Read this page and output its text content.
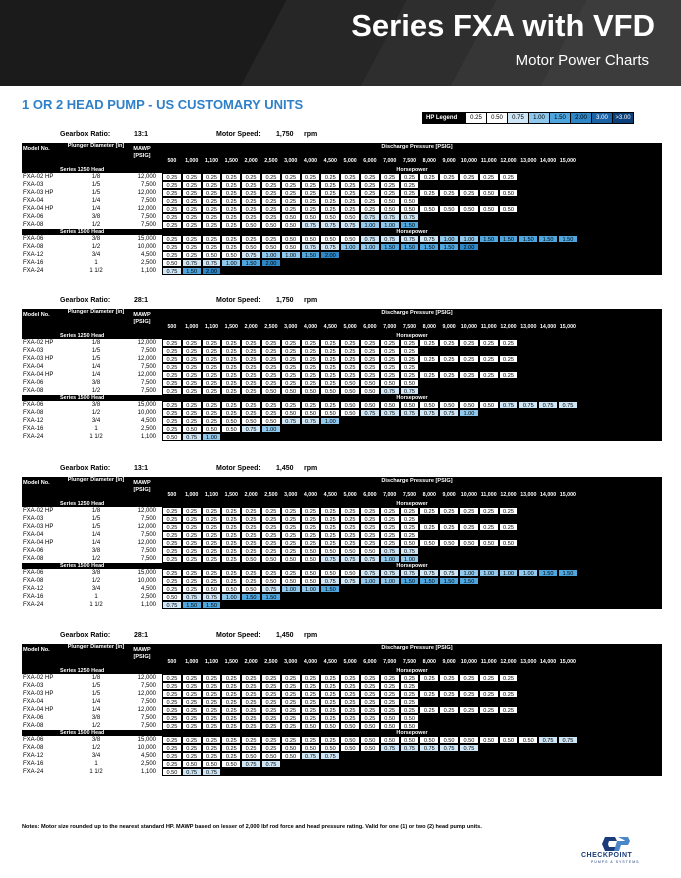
Series FXA with VFD
Motor Power Charts
1 OR 2 HEAD PUMP - US CUSTOMARY UNITS
HP Legend	0.25	0.50	0.75	1.00	1.50	2.00	3.00	>3.00
Gearbox Ratio:	13:1	Motor Speed: 1,750 rpm
Model No.	Plunger Diameter [in]	MAWP [PSIG]
Discharge Pressure [PSIG]
500	1,000	1,100	1,500	2,000	2,500	3,000	4,000	4,500	5,000	6,000	7,000	7,500	8,000	9,000 10,000 11,000 12,000 13,000 14,000 15,000
Series 1250 Head	Horsepower
FXA-02 HP	1/8	12,000	0.25	0.25	0.25	0.25	0.25	0.25	0.25	0.25	0.25	0.25	0.25	0.25	0.25	0.25	0.25	0.25	0.25	0.25
FXA-03	1/5	7,500	0.25	0.25	0.25	0.25	0.25	0.25	0.25	0.25	0.25	0.25	0.25	0.25	0.25
FXA-03 HP	1/5	12,000	0.25	0.25	0.25	0.25	0.25	0.25	0.25	0.25	0.25	0.25	0.25	0.25	0.25	0.25	0.25	0.25	0.50	0.50
FXA-04	1/4	7,500	0.25	0.25	0.25	0.25	0.25	0.25	0.25	0.25	0.25	0.25	0.25	0.50	0.50
FXA-04 HP	1/4	12,000	0.25	0.25	0.25	0.25	0.25	0.25	0.25	0.25	0.25	0.25	0.25	0.50	0.50	0.50	0.50	0.50	0.50	0.50
FXA-06	3/8	7,500	0.25	0.25	0.25	0.25	0.25	0.25	0.50	0.50	0.50	0.50	0.75	0.75	0.75
FXA-08	1/2	7,500	0.25	0.25	0.25	0.25	0.50	0.50	0.50	0.75	0.75	0.75	1.00	1.00	1.50
Series 1500 Head	Horsepower
FXA-06	3/8	15,000	0.25	0.25	0.25	0.25	0.25	0.25	0.50	0.50	0.50	0.50	0.75	0.75	0.75	0.75	1.00	1.00	1.50	1.50	1.50	1.50	1.50
FXA-08	1/2	10,000	0.25	0.25	0.25	0.25	0.50	0.50	0.50	0.75	0.75	1.00	1.00	1.50	1.50	1.50	1.50	2.00
FXA-12	3/4	4,500	0.25	0.25	0.50	0.50	0.75	1.00	1.00	1.50	2.00
FXA-16	1	2,500	0.50	0.75	0.75	1.00	1.50	2.00
FXA-24	1 1/2	1,100	0.75	1.50	2.00
Gearbox Ratio:	28:1	Motor Speed: 1,750 rpm
Model No.	Plunger Diameter [in]	MAWP [PSIG]
Discharge Pressure [PSIG]
500	1,000	1,100	1,500	2,000	2,500	3,000	4,000	4,500	5,000	6,000	7,000	7,500	8,000	9,000 10,000 11,000 12,000 13,000 14,000 15,000
Series 1250 Head	Horsepower
FXA-02 HP	1/8	12,000	0.25	0.25	0.25	0.25	0.25	0.25	0.25	0.25	0.25	0.25	0.25	0.25	0.25	0.25	0.25	0.25	0.25	0.25
FXA-03	1/5	7,500	0.25	0.25	0.25	0.25	0.25	0.25	0.25	0.25	0.25	0.25	0.25	0.25	0.25
FXA-03 HP	1/5	12,000	0.25	0.25	0.25	0.25	0.25	0.25	0.25	0.25	0.25	0.25	0.25	0.25	0.25	0.25	0.25	0.25	0.25	0.25
FXA-04	1/4	7,500	0.25	0.25	0.25	0.25	0.25	0.25	0.25	0.25	0.25	0.25	0.25	0.25	0.25
FXA-04 HP	1/4	12,000	0.25	0.25	0.25	0.25	0.25	0.25	0.25	0.25	0.25	0.25	0.25	0.25	0.25	0.25	0.25	0.25	0.25	0.25
FXA-06	3/8	7,500	0.25	0.25	0.25	0.25	0.25	0.25	0.25	0.25	0.25	0.50	0.50	0.50	0.50
FXA-08	1/2	7,500	0.25	0.25	0.25	0.25	0.25	0.50	0.50	0.50	0.50	0.50	0.50	0.75	0.75
Series 1500 Head	Horsepower
FXA-06	3/8	15,000	0.25	0.25	0.25	0.25	0.25	0.25	0.25	0.25	0.25	0.50	0.50	0.50	0.50	0.50	0.50	0.50	0.50	0.75	0.75	0.75	0.75
FXA-08	1/2	10,000	0.25	0.25	0.25	0.25	0.25	0.25	0.50	0.50	0.50	0.50	0.75	0.75	0.75	0.75	0.75	1.00
FXA-12	3/4	4,500	0.25	0.25	0.25	0.50	0.50	0.50	0.75	0.75	1.00
FXA-16	1	2,500	0.25	0.50	0.50	0.50	0.75	1.00
FXA-24	1 1/2	1,100	0.50	0.75	1.00
Gearbox Ratio:	13:1	Motor Speed: 1,450 rpm
Model No.	Plunger Diameter [in]	MAWP [PSIG]
Discharge Pressure [PSIG]
500	1,000	1,100	1,500	2,000	2,500	3,000	4,000	4,500	5,000	6,000	7,000	7,500	8,000	9,000 10,000 11,000 12,000 13,000 14,000 15,000
Series 1250 Head	Horsepower
FXA-02 HP	1/8	12,000	0.25	0.25	0.25	0.25	0.25	0.25	0.25	0.25	0.25	0.25	0.25	0.25	0.25	0.25	0.25	0.25	0.25	0.25
FXA-03	1/5	7,500	0.25	0.25	0.25	0.25	0.25	0.25	0.25	0.25	0.25	0.25	0.25	0.25	0.25
FXA-03 HP	1/5	12,000	0.25	0.25	0.25	0.25	0.25	0.25	0.25	0.25	0.25	0.25	0.25	0.25	0.25	0.25	0.25	0.25	0.25	0.25
FXA-04	1/4	7,500	0.25	0.25	0.25	0.25	0.25	0.25	0.25	0.25	0.25	0.25	0.25	0.25	0.25
FXA-04 HP	1/4	12,000	0.25	0.25	0.25	0.25	0.25	0.25	0.25	0.25	0.25	0.25	0.25	0.25	0.50	0.50	0.50	0.50	0.50	0.50
FXA-06	3/8	7,500	0.25	0.25	0.25	0.25	0.25	0.25	0.25	0.50	0.50	0.50	0.50	0.75	0.75
FXA-08	1/2	7,500	0.25	0.25	0.25	0.25	0.50	0.50	0.50	0.50	0.75	0.75	0.75	1.00	1.00
Series 1500 Head	Horsepower
FXA-06	3/8	15,000	0.25	0.25	0.25	0.25	0.25	0.25	0.25	0.50	0.50	0.50	0.75	0.75	0.75	0.75	0.75	1.00	1.00	1.00	1.00	1.50	1.50
FXA-08	1/2	10,000	0.25	0.25	0.25	0.25	0.25	0.50	0.50	0.50	0.75	0.75	1.00	1.00	1.50	1.50	1.50	1.50
FXA-12	3/4	4,500	0.25	0.25	0.50	0.50	0.50	0.75	1.00	1.00	1.50
FXA-16	1	2,500	0.50	0.75	0.75	1.00	1.50	1.50
FXA-24	1 1/2	1,100	0.75	1.50	1.50
Gearbox Ratio:	28:1	Motor Speed: 1,450 rpm
Model No.	Plunger Diameter [in]	MAWP [PSIG]
Discharge Pressure [PSIG]
500	1,000	1,100	1,500	2,000	2,500	3,000	4,000	4,500	5,000	6,000	7,000	7,500	8,000	9,000 10,000 11,000 12,000 13,000 14,000 15,000
Series 1250 Head	Horsepower
FXA-02 HP	1/8	12,000	0.25	0.25	0.25	0.25	0.25	0.25	0.25	0.25	0.25	0.25	0.25	0.25	0.25	0.25	0.25	0.25	0.25	0.25
FXA-03	1/5	7,500	0.25	0.25	0.25	0.25	0.25	0.25	0.25	0.25	0.25	0.25	0.25	0.25	0.25
FXA-03 HP	1/5	12,000	0.25	0.25	0.25	0.25	0.25	0.25	0.25	0.25	0.25	0.25	0.25	0.25	0.25	0.25	0.25	0.25	0.25	0.25
FXA-04	1/4	7,500	0.25	0.25	0.25	0.25	0.25	0.25	0.25	0.25	0.25	0.25	0.25	0.25	0.25
FXA-04 HP	1/4	12,000	0.25	0.25	0.25	0.25	0.25	0.25	0.25	0.25	0.25	0.25	0.25	0.25	0.25	0.25	0.25	0.25	0.25	0.25
FXA-06	3/8	7,500	0.25	0.25	0.25	0.25	0.25	0.25	0.25	0.25	0.25	0.25	0.25	0.50	0.50
FXA-08	1/2	7,500	0.25	0.25	0.25	0.25	0.25	0.25	0.25	0.50	0.50	0.50	0.50	0.50	0.50
Series 1500 Head	Horsepower
FXA-06	3/8	15,000	0.25	0.25	0.25	0.25	0.25	0.25	0.25	0.25	0.25	0.50	0.50	0.50	0.50	0.50	0.50	0.50	0.50	0.50	0.50	0.75	0.75
FXA-08	1/2	10,000	0.25	0.25	0.25	0.25	0.25	0.25	0.50	0.50	0.50	0.50	0.50	0.75	0.75	0.75	0.75	0.75
FXA-12	3/4	4,500	0.25	0.25	0.25	0.25	0.50	0.50	0.50	0.75	0.75
FXA-16	1	2,500	0.25	0.50	0.50	0.50	0.75	0.75
FXA-24	1 1/2	1,100	0.50	0.75	0.75
Notes: Motor size rounded up to the nearest standard HP. MAWP based on lesser of 2,000 lbf rod force and head pressure rating. Valid for one (1) or two (2) head pump units.
CHECKPOINT
PUMPS & SYSTEMS
